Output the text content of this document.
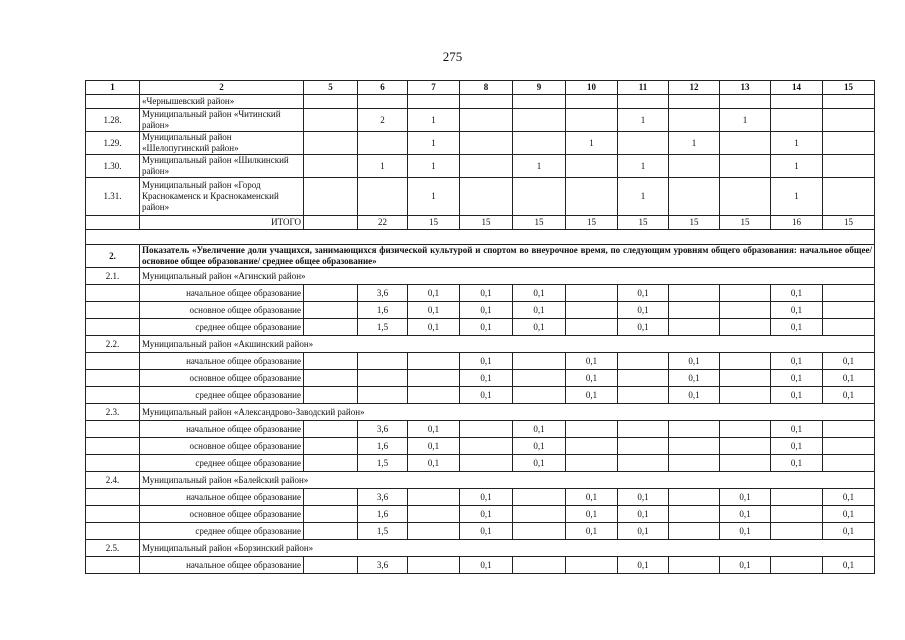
275
1	2	5	6	7	8	9	10	11	12	13	14	15
	«Чернышевский район»											
1.28.	Муниципальный район «Читинский район»		2	1				1		1		
1.29.	Муниципальный район «Шелопугинский район»			1			1		1		1	
1.30.	Муниципальный район «Шилкинский район»		1	1		1		1			1	
1.31.	Муниципальный район «Город Краснокаменск и Краснокаменский район»			1				1			1	
	ИТОГО		22	15	15	15	15	15	15	15	16	15

2.	Показатель «Увеличение доли учащихся, занимающихся физической культурой и спортом во внеурочное время, по следующим уровням общего образования: начальное общее/основное общее образование/ среднее общее образование»											
2.1.	Муниципальный район «Агинский район»											
	начальное общее образование		3,6	0,1	0,1	0,1		0,1			0,1	
	основное общее образование		1,6	0,1	0,1	0,1		0,1			0,1	
	среднее общее образование		1,5	0,1	0,1	0,1		0,1			0,1	
2.2.	Муниципальный район «Акшинский район»											
	начальное общее образование				0,1		0,1		0,1		0,1	0,1
	основное общее образование				0,1		0,1		0,1		0,1	0,1
	среднее общее образование				0,1		0,1		0,1		0,1	0,1
2.3.	Муниципальный район «Александрово-Заводский район»											
	начальное общее образование		3,6	0,1		0,1					0,1	
	основное общее образование		1,6	0,1		0,1					0,1	
	среднее общее образование		1,5	0,1		0,1					0,1	
2.4.	Муниципальный район «Балейский район»											
	начальное общее образование		3,6		0,1		0,1	0,1		0,1		0,1
	основное общее образование		1,6		0,1		0,1	0,1		0,1		0,1
	среднее общее образование		1,5		0,1		0,1	0,1		0,1		0,1
2.5.	Муниципальный район «Борзинский район»											
	начальное общее образование		3,6		0,1			0,1		0,1		0,1
